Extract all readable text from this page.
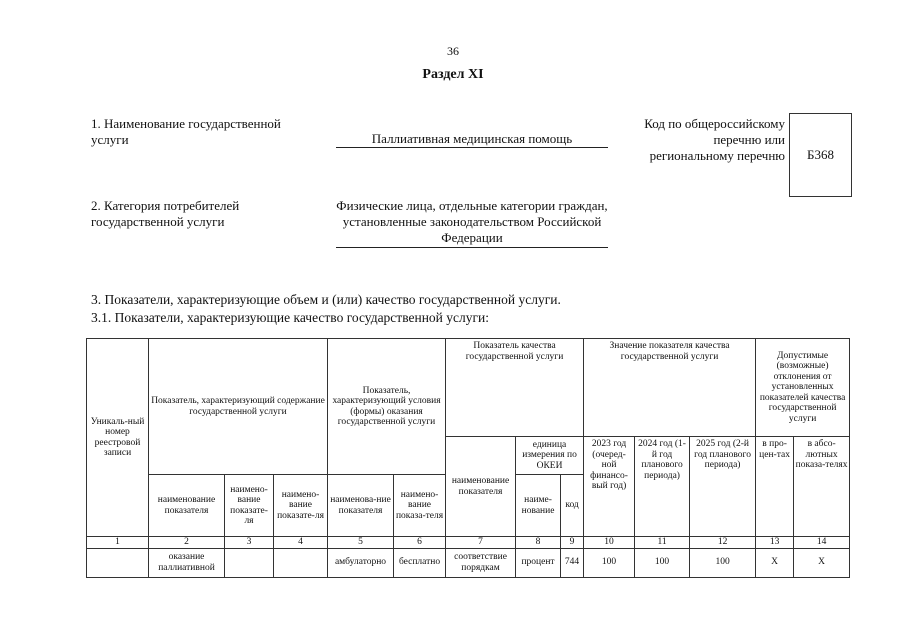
36
Раздел XI
1. Наименование государственной услуги	Паллиативная медицинская помощь
Код по общероссийскому перечню или региональному перечню	Б368
2. Категория потребителей государственной услуги
Физические лица, отдельные категории граждан, установленные законодательством Российской Федерации
3. Показатели, характеризующие объем и (или) качество государственной услуги.
3.1. Показатели, характеризующие качество государственной услуги:
Уникаль-ный номер реестровой записи	Показатель, характеризующий содержание государственной услуги			Показатель, характеризующий условия (формы) оказания государственной услуги		Показатель качества государственной услуги			Значение показателя качества государственной услуги			Допустимые (возможные) отклонения от установленных показателей качества государственной услуги	
						наименование показателя	единица измерения по ОКЕИ		2023 год (очеред-ной финансо-вый год)	2024 год (1-й год планового периода)	2025 год (2-й год планового периода)	в про-цен-тах	в абсо-лютных показа-телях
	наименование показателя	наимено-вание показате-ля	наимено-вание показате-ля	наименова-ние показателя	наимено-вание показа-теля		наиме-нование	код					
1	2	3	4	5	6	7	8	9	10	11	12	13	14
	оказание паллиативной			амбулаторно	бесплатно	соответствие порядкам	процент	744	100	100	100	Х	Х
